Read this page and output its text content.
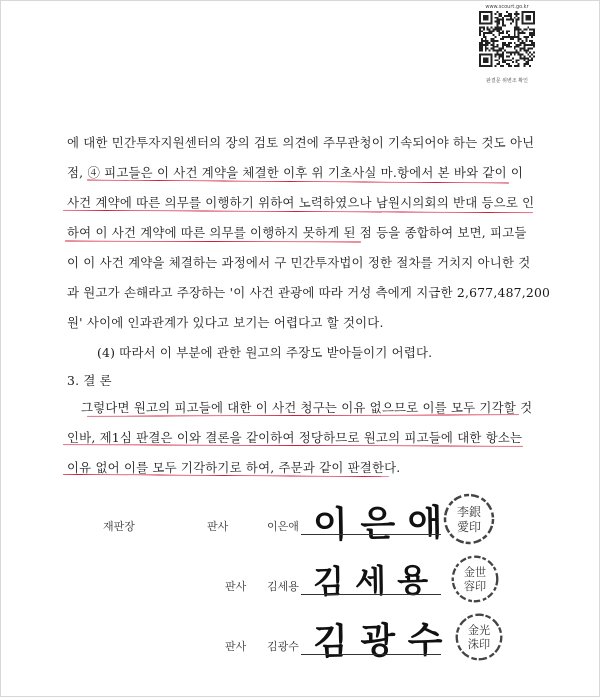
www.scourt.go.kr
판결문 위변조 확인
에 대한 민간투자지원센터의 장의 검토 의견에 주무관청이 기속되어야 하는 것도 아닌
점, ④ 피고들은 이 사건 계약을 체결한 이후 위 기초사실 마.항에서 본 바와 같이 이
사건 계약에 따른 의무를 이행하기 위하여 노력하였으나 남원시의회의 반대 등으로 인
하여 이 사건 계약에 따른 의무를 이행하지 못하게 된 점 등을 종합하여 보면, 피고들
이 이 사건 계약을 체결하는 과정에서 구 민간투자법이 정한 절차를 거치지 아니한 것
과 원고가 손해라고 주장하는 '이 사건 관광에 따라 거성 측에게 지급한 2,677,487,200
원' 사이에 인과관계가 있다고 보기는 어렵다고 할 것이다.
(4) 따라서 이 부분에 관한 원고의 주장도 받아들이기 어렵다.
3. 결 론
그렇다면 원고의 피고들에 대한 이 사건 청구는 이유 없으므로 이를 모두 기각할 것
인바, 제1심 판결은 이와 결론을 같이하여 정당하므로 원고의 피고들에 대한 항소는
이유 없어 이를 모두 기각하기로 하여, 주문과 같이 판결한다.
재판장	판사	이은애 이 은 애 李銀
愛印
판사 김세용 김 세 용	金世
容印
판사 김광수 김 광 수 金光
洙印
